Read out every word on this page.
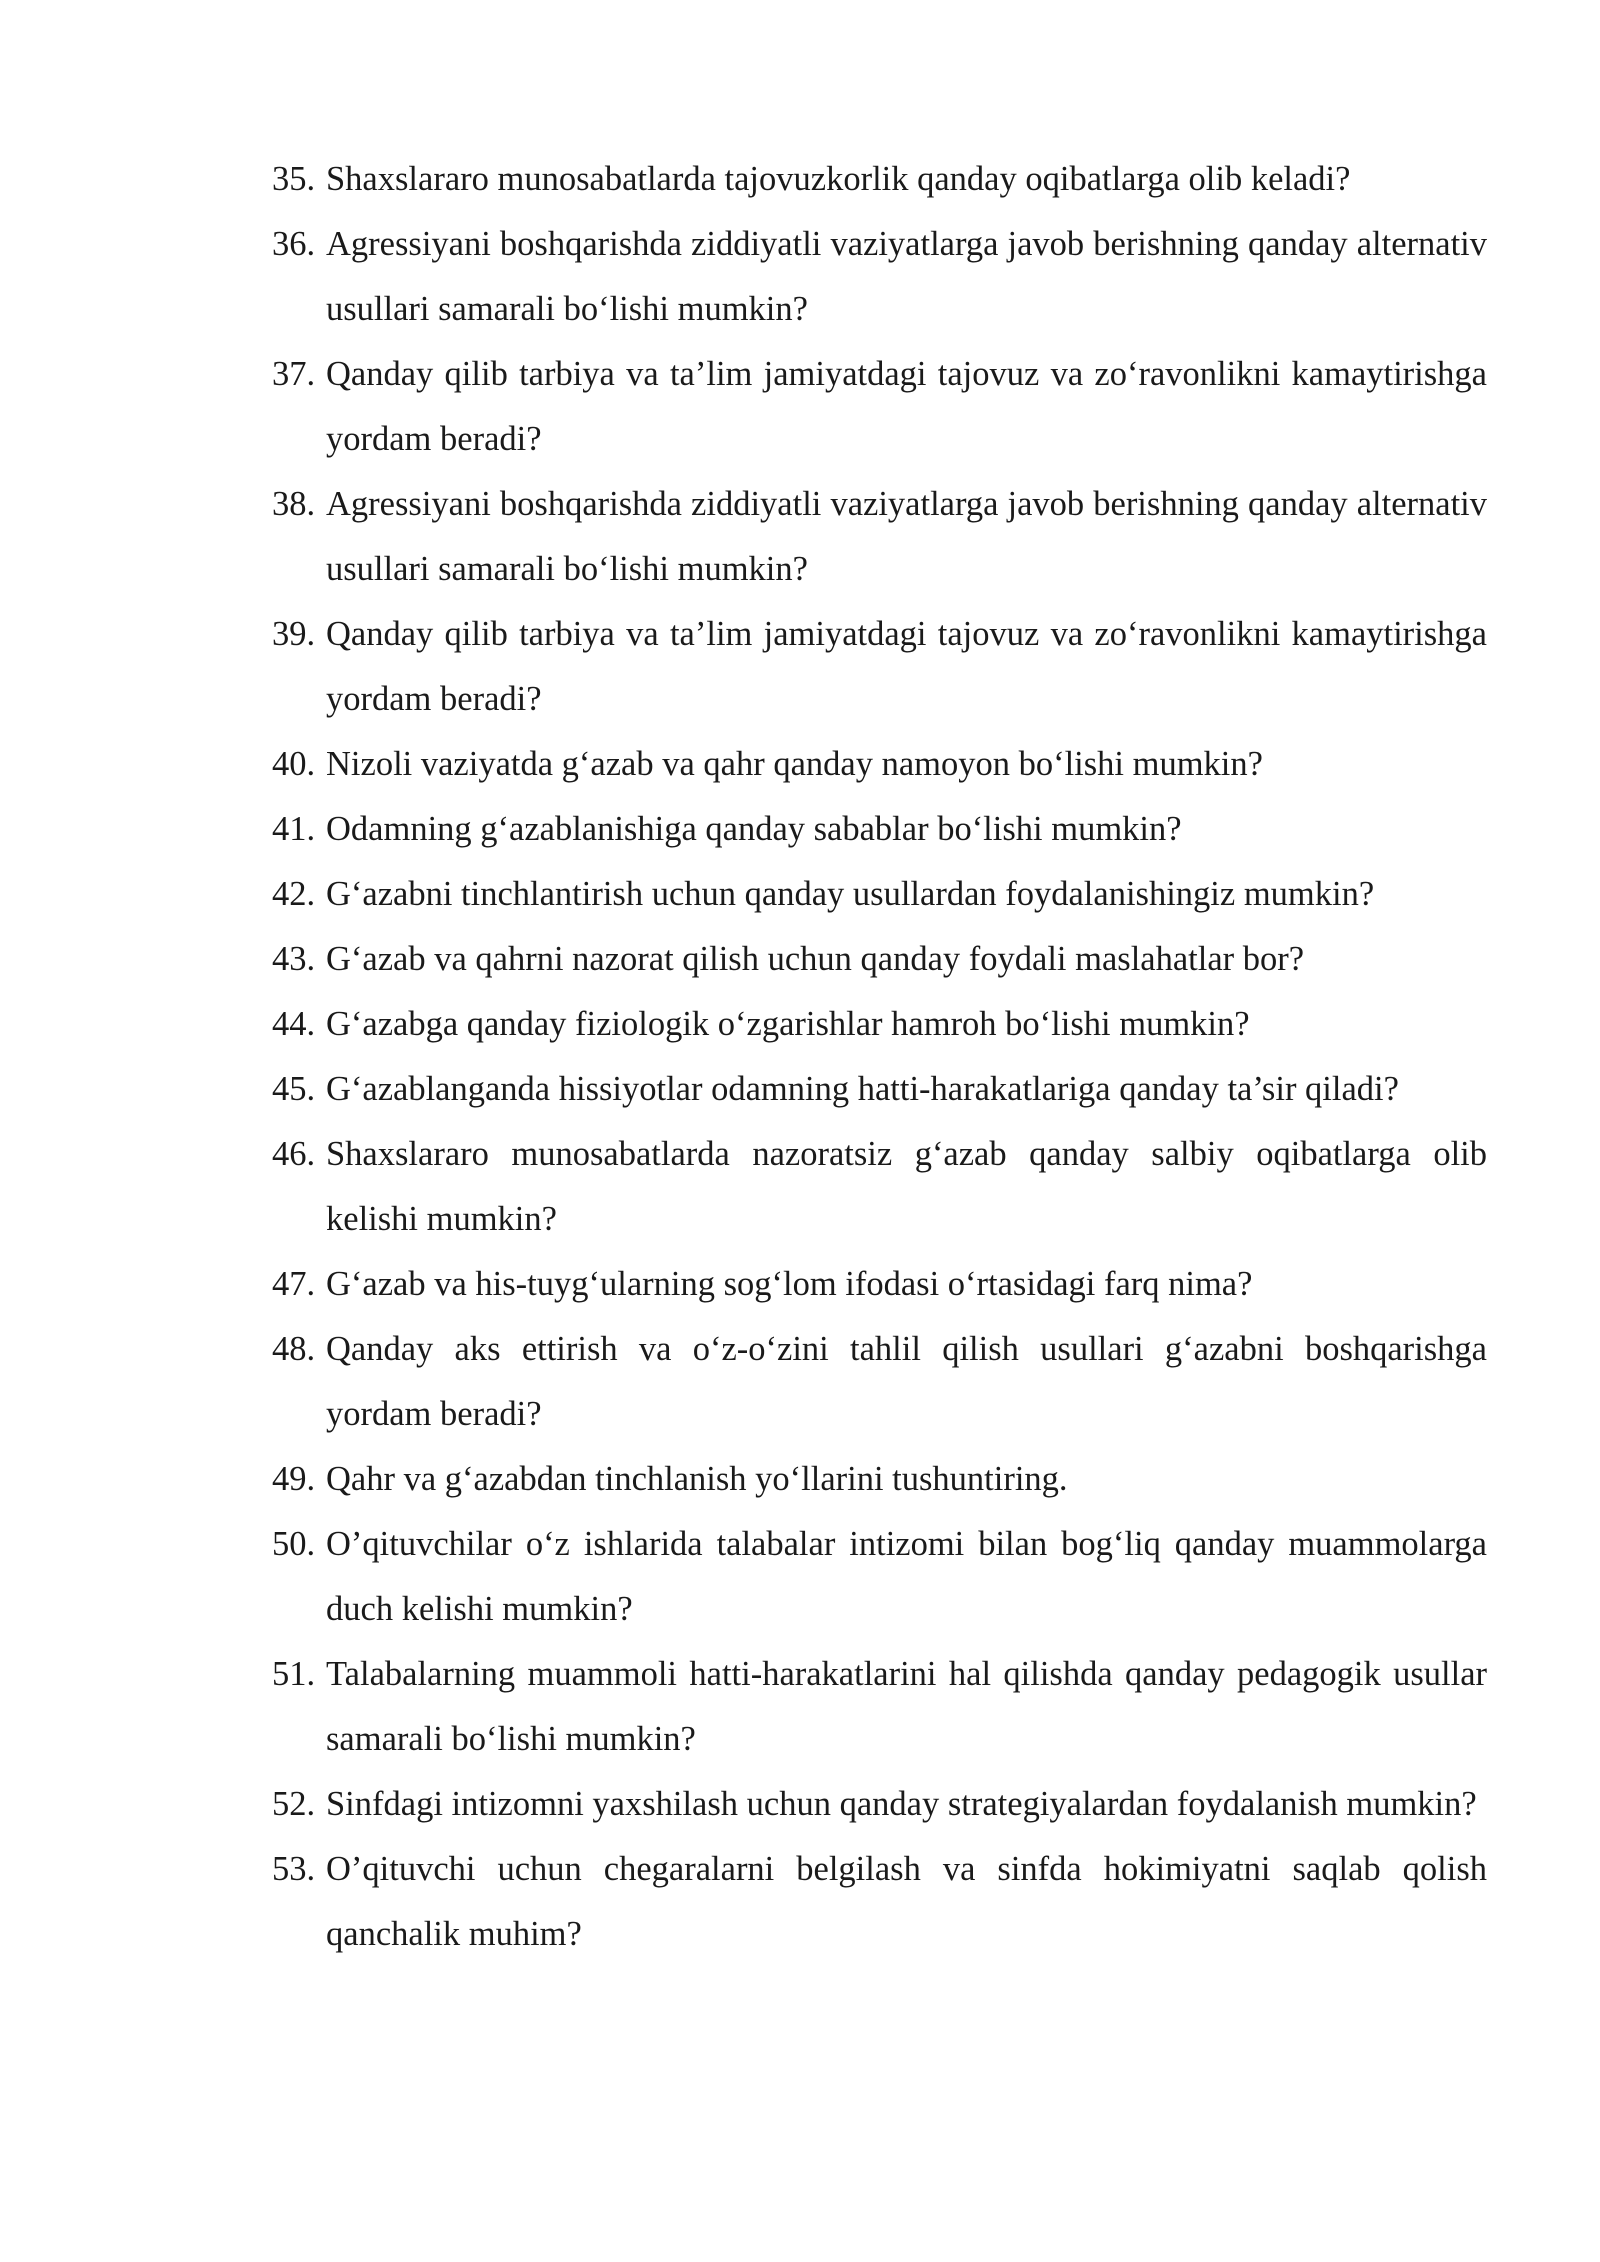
35. Shaxslararo munosabatlarda tajovuzkorlik qanday oqibatlarga olib keladi?
36. Agressiyani boshqarishda ziddiyatli vaziyatlarga javob berishning qanday alternativ usullari samarali bo‘lishi mumkin?
37. Qanday qilib tarbiya va ta’lim jamiyatdagi tajovuz va zo‘ravonlikni kamaytirishga yordam beradi?
38. Agressiyani boshqarishda ziddiyatli vaziyatlarga javob berishning qanday alternativ usullari samarali bo‘lishi mumkin?
39. Qanday qilib tarbiya va ta’lim jamiyatdagi tajovuz va zo‘ravonlikni kamaytirishga yordam beradi?
40. Nizoli vaziyatda g‘azab va qahr qanday namoyon bo‘lishi mumkin?
41. Odamning g‘azablanishiga qanday sabablar bo‘lishi mumkin?
42. G‘azabni tinchlantirish uchun qanday usullardan foydalanishingiz mumkin?
43. G‘azab va qahrni nazorat qilish uchun qanday foydali maslahatlar bor?
44. G‘azabga qanday fiziologik o‘zgarishlar hamroh bo‘lishi mumkin?
45. G‘azablanganda hissiyotlar odamning hatti-harakatlariga qanday ta’sir qiladi?
46. Shaxslararo munosabatlarda nazoratsiz g‘azab qanday salbiy oqibatlarga olib kelishi mumkin?
47. G‘azab va his-tuyg‘ularning sog‘lom ifodasi o‘rtasidagi farq nima?
48. Qanday aks ettirish va o‘z-o‘zini tahlil qilish usullari g‘azabni boshqarishga yordam beradi?
49. Qahr va g‘azabdan tinchlanish yo‘llarini tushuntiring.
50. O’qituvchilar o‘z ishlarida talabalar intizomi bilan bog‘liq qanday muammolarga duch kelishi mumkin?
51. Talabalarning muammoli hatti-harakatlarini hal qilishda qanday pedagogik usullar samarali bo‘lishi mumkin?
52. Sinfdagi intizomni yaxshilash uchun qanday strategiyalardan foydalanish mumkin?
53. O’qituvchi uchun chegaralarni belgilash va sinfda hokimiyatni saqlab qolish qanchalik muhim?
